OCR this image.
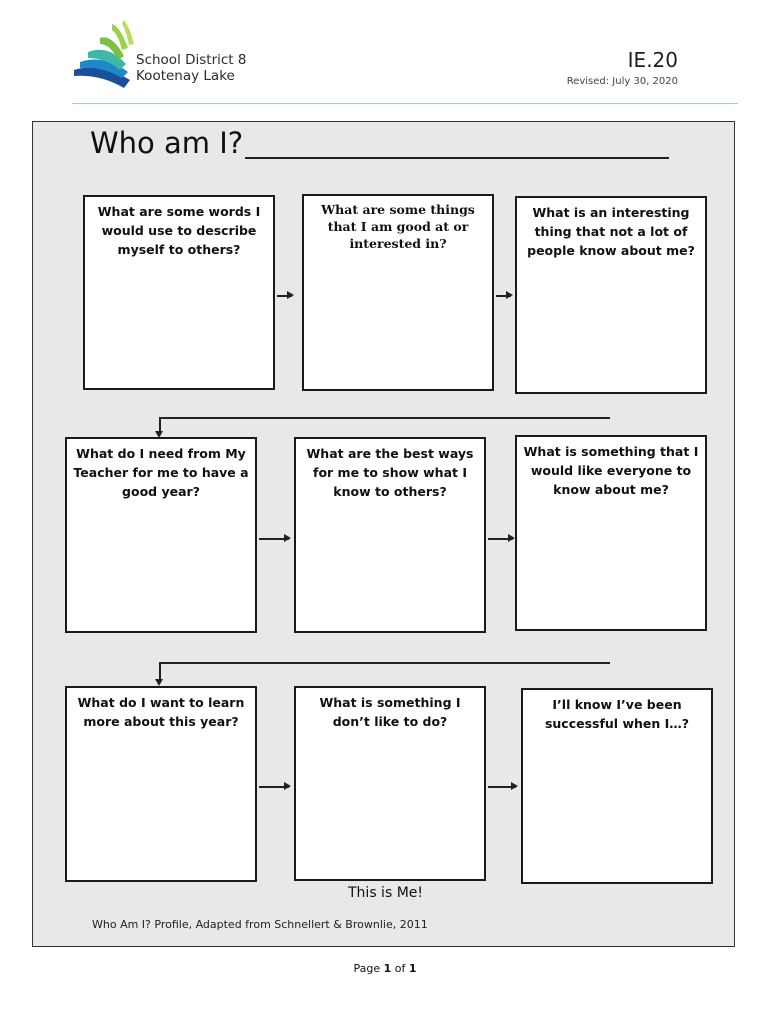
School District 8
Kootenay Lake
IE.20
Revised: July 30, 2020
Who am I?
What are some words I would use to describe myself to others?
What are some things that I am good at or interested in?
What is an interesting thing that not a lot of people know about me?
What do I need from My Teacher for me to have a good year?
What are the best ways for me to show what I know to others?
What is something that I would like everyone to know about me?
What do I want to learn more about this year?
What is something I don’t like to do?
I’ll know I’ve been successful when I…?
This is Me!
Who Am I? Profile, Adapted from Schnellert & Brownlie, 2011
Page 1 of 1
